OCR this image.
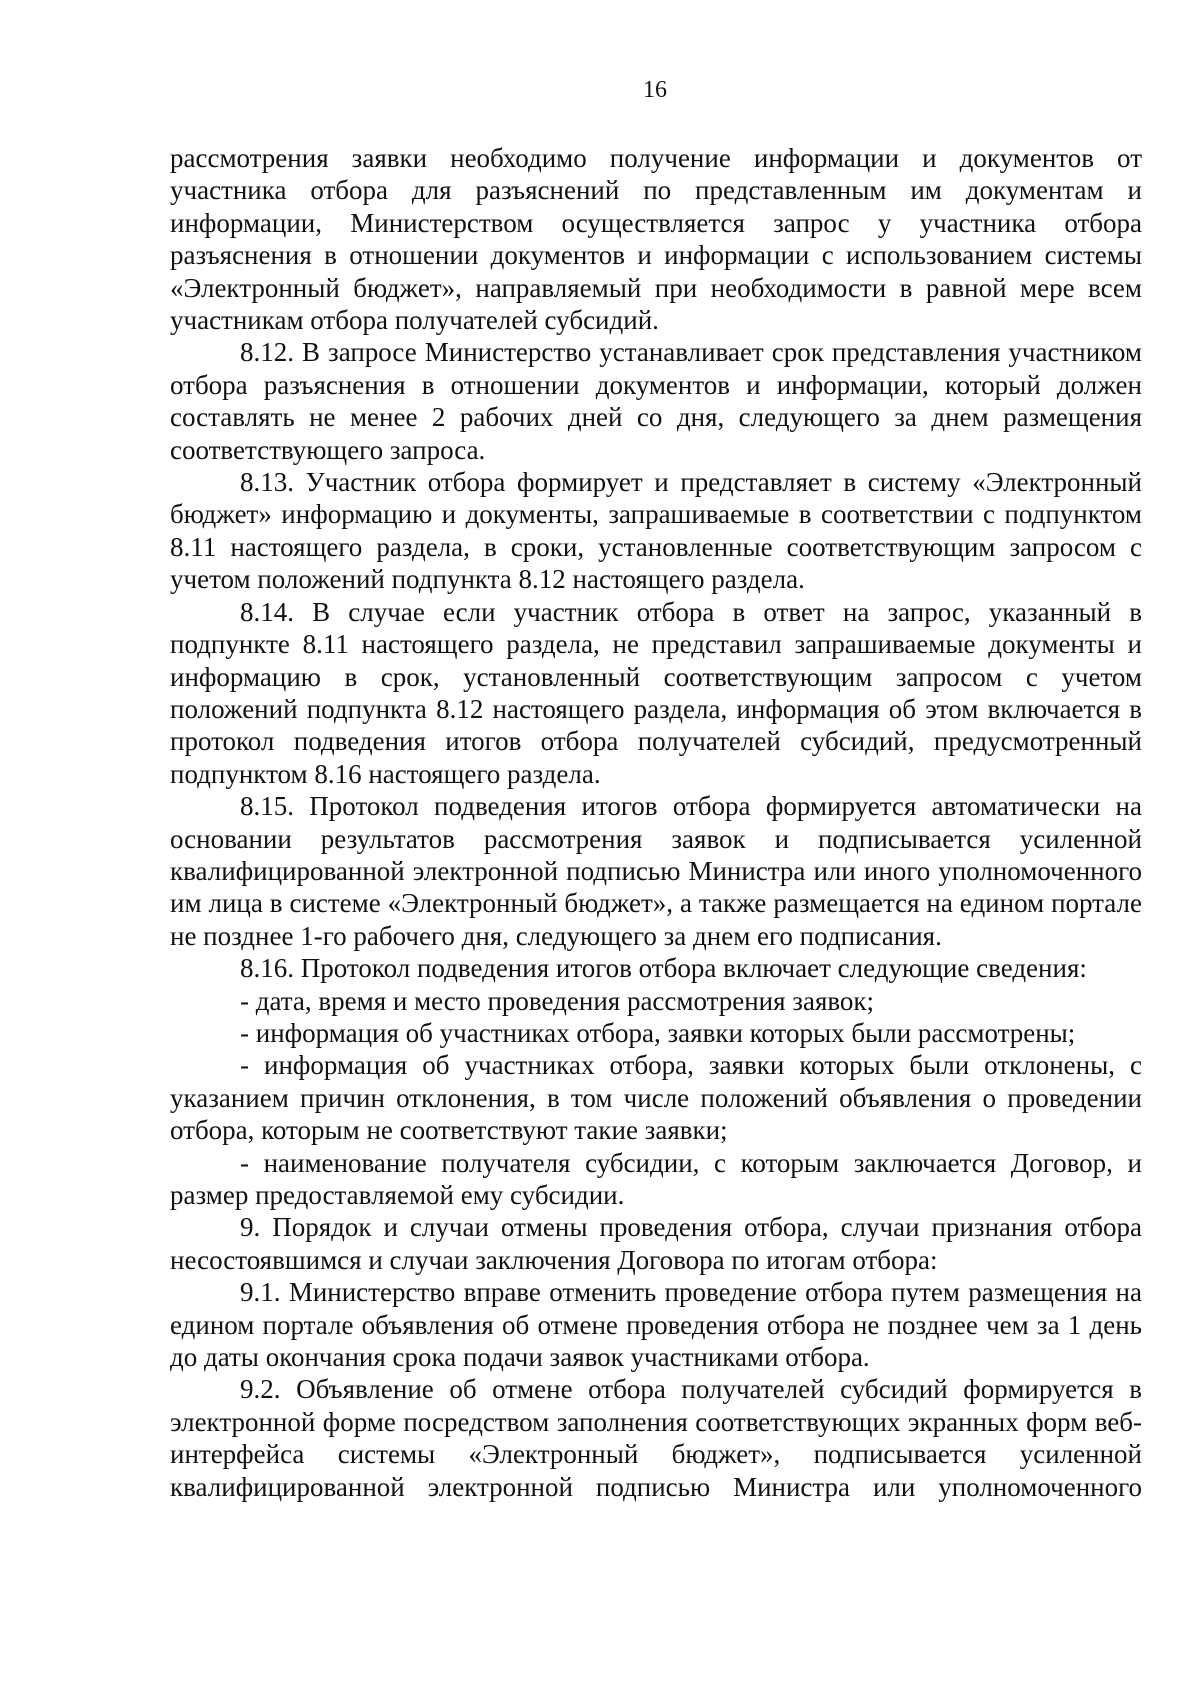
16

рассмотрения заявки необходимо получение информации и документов от участника отбора для разъяснений по представленным им документам и информации, Министерством осуществляется запрос у участника отбора разъяснения в отношении документов и информации с использованием системы «Электронный бюджет», направляемый при необходимости в равной мере всем участникам отбора получателей субсидий.

8.12. В запросе Министерство устанавливает срок представления участником отбора разъяснения в отношении документов и информации, который должен составлять не менее 2 рабочих дней со дня, следующего за днем размещения соответствующего запроса.

8.13. Участник отбора формирует и представляет в систему «Электронный бюджет» информацию и документы, запрашиваемые в соответствии с подпунктом 8.11 настоящего раздела, в сроки, установленные соответствующим запросом с учетом положений подпункта 8.12 настоящего раздела.

8.14. В случае если участник отбора в ответ на запрос, указанный в подпункте 8.11 настоящего раздела, не представил запрашиваемые документы и информацию в срок, установленный соответствующим запросом с учетом положений подпункта 8.12 настоящего раздела, информация об этом включается в протокол подведения итогов отбора получателей субсидий, предусмотренный подпунктом 8.16 настоящего раздела.

8.15. Протокол подведения итогов отбора формируется автоматически на основании результатов рассмотрения заявок и подписывается усиленной квалифицированной электронной подписью Министра или иного уполномоченного им лица в системе «Электронный бюджет», а также размещается на едином портале не позднее 1-го рабочего дня, следующего за днем его подписания.

8.16. Протокол подведения итогов отбора включает следующие сведения:

- дата, время и место проведения рассмотрения заявок;

- информация об участниках отбора, заявки которых были рассмотрены;

- информация об участниках отбора, заявки которых были отклонены, с указанием причин отклонения, в том числе положений объявления о проведении отбора, которым не соответствуют такие заявки;

- наименование получателя субсидии, с которым заключается Договор, и размер предоставляемой ему субсидии.

9. Порядок и случаи отмены проведения отбора, случаи признания отбора несостоявшимся и случаи заключения Договора по итогам отбора:

9.1. Министерство вправе отменить проведение отбора путем размещения на едином портале объявления об отмене проведения отбора не позднее чем за 1 день до даты окончания срока подачи заявок участниками отбора.

9.2. Объявление об отмене отбора получателей субсидий формируется в электронной форме посредством заполнения соответствующих экранных форм веб-интерфейса системы «Электронный бюджет», подписывается усиленной квалифицированной электронной подписью Министра или уполномоченного
